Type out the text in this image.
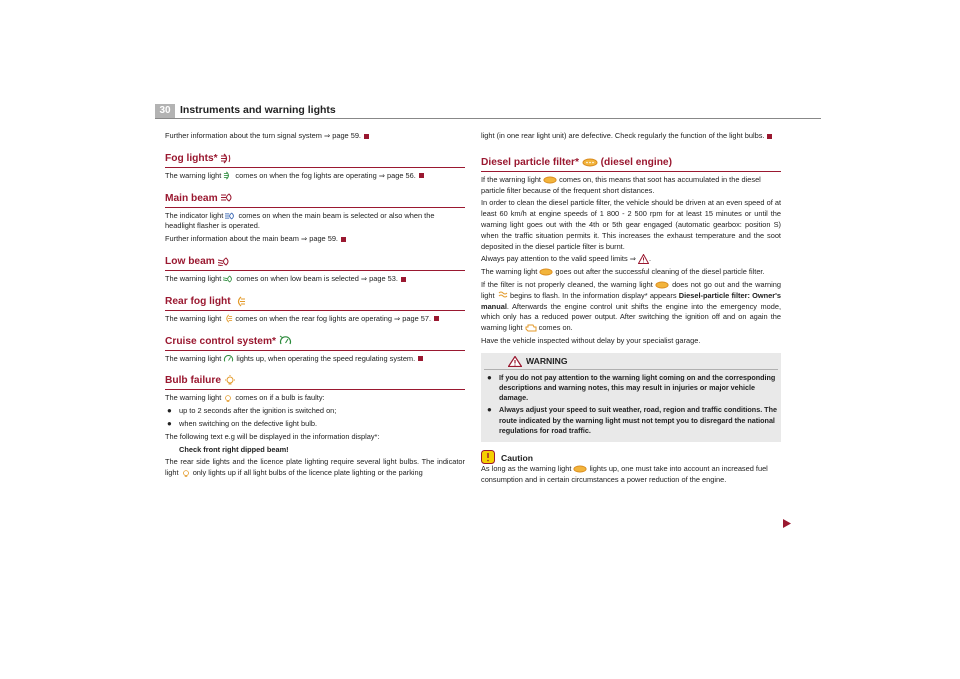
30 Instruments and warning lights

Further information about the turn signal system ⇒ page 59.

Fog lights*

The warning light comes on when the fog lights are operating ⇒ page 56.

Main beam

The indicator light comes on when the main beam is selected or also when the headlight flasher is operated.

Further information about the main beam ⇒ page 59.

Low beam

The warning light comes on when low beam is selected ⇒ page 53.

Rear fog light

The warning light comes on when the rear fog lights are operating ⇒ page 57.

Cruise control system*

The warning light lights up, when operating the speed regulating system.

Bulb failure

The warning light comes on if a bulb is faulty:

● up to 2 seconds after the ignition is switched on;

● when switching on the defective light bulb.

The following text e.g will be displayed in the information display*:

Check front right dipped beam!

The rear side lights and the licence plate lighting require several light bulbs. The indicator light only lights up if all light bulbs of the licence plate lighting or the parking

light (in one rear light unit) are defective. Check regularly the function of the light bulbs.

Diesel particle filter* (diesel engine)

If the warning light comes on, this means that soot has accumulated in the diesel particle filter because of the frequent short distances.

In order to clean the diesel particle filter, the vehicle should be driven at an even speed of at least 60 km/h at engine speeds of 1 800 - 2 500 rpm for at least 15 minutes or until the warning light goes out with the 4th or 5th gear engaged (automatic gearbox: position S) when the traffic situation permits it. This increases the exhaust temperature and the soot deposited in the diesel particle filter is burnt.

Always pay attention to the valid speed limits ⇒ .

The warning light goes out after the successful cleaning of the diesel particle filter.

If the filter is not properly cleaned, the warning light	does not go out and the warning light begins to flash. In the information display* appears Diesel-particle filter: Owner's manual. Afterwards the engine control unit shifts the engine into the emergency mode, which only has a reduced power output. After switching the ignition off and on again the warning light comes on.

Have the vehicle inspected without delay by your specialist garage.

WARNING

● If you do not pay attention to the warning light coming on and the corresponding descriptions and warning notes, this may result in injuries or major vehicle damage.

● Always adjust your speed to suit weather, road, region and traffic conditions. The route indicated by the warning light must not tempt you to disregard the national regulations for road traffic.

Caution

As long as the warning light lights up, one must take into account an increased fuel consumption and in certain circumstances a power reduction of the engine.
